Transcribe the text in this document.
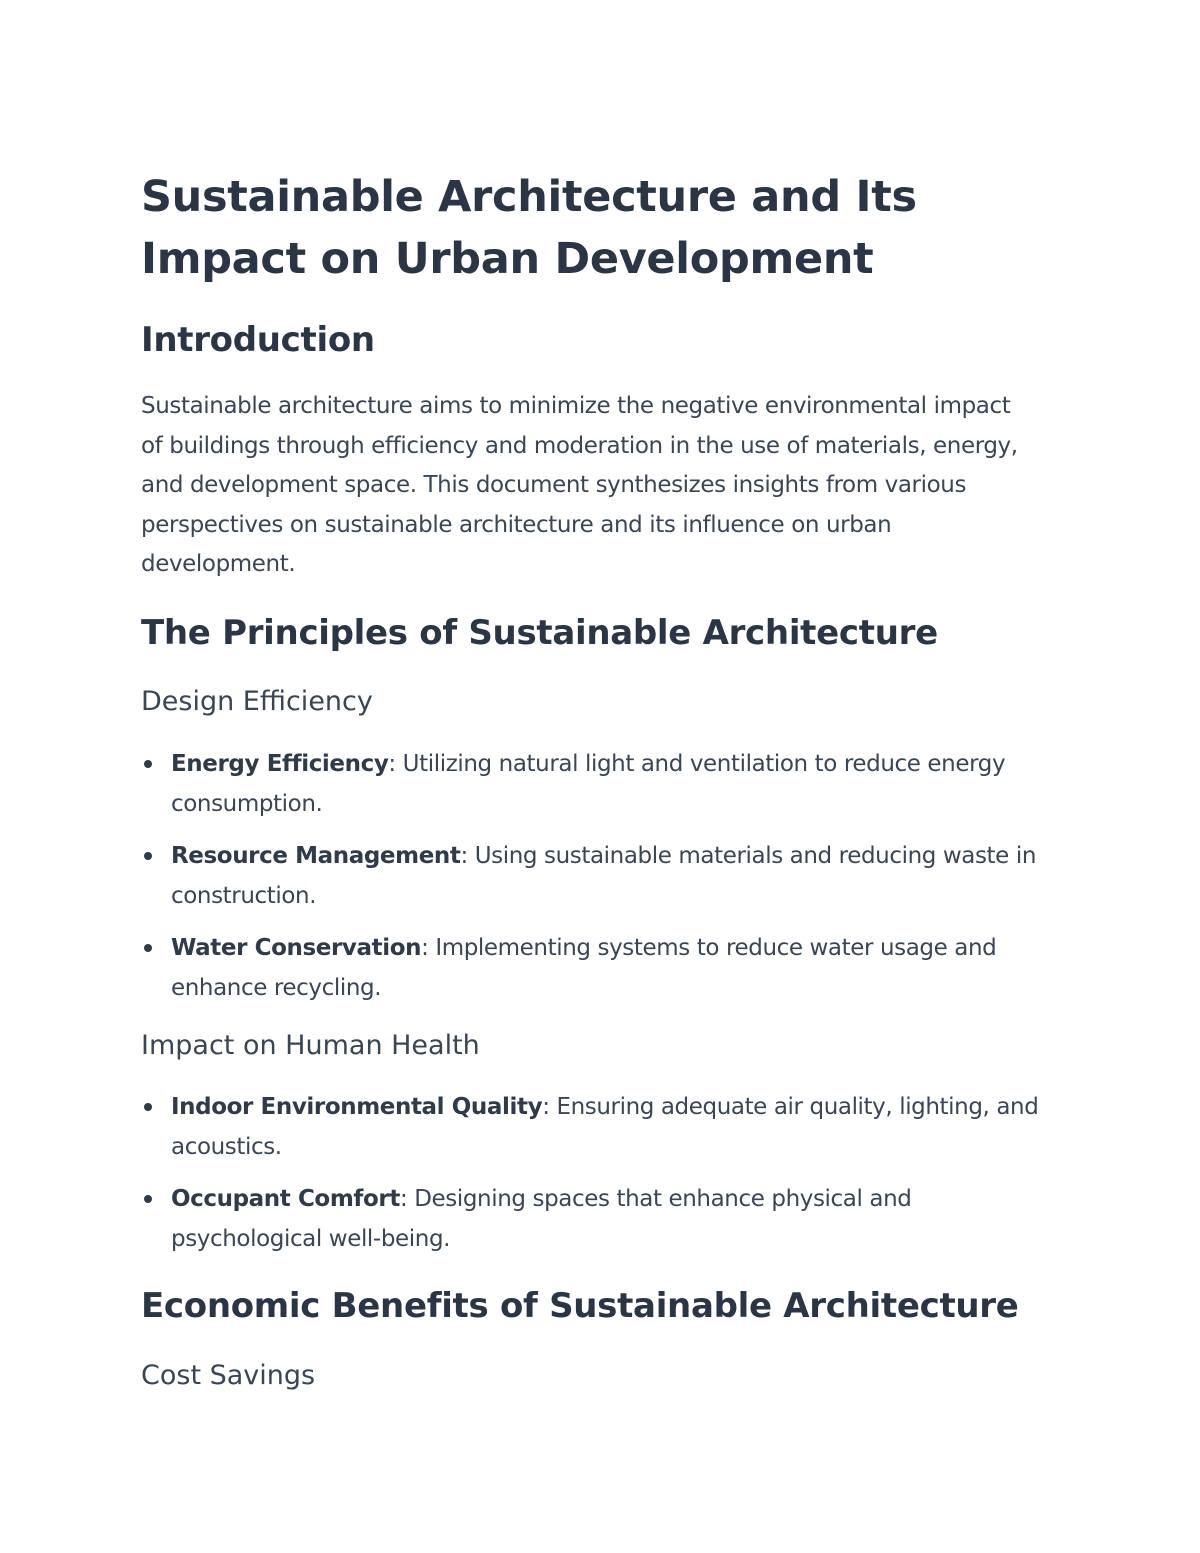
Sustainable Architecture and Its Impact on Urban Development
Introduction

Sustainable architecture aims to minimize the negative environmental impact of buildings through efficiency and moderation in the use of materials, energy, and development space. This document synthesizes insights from various perspectives on sustainable architecture and its influence on urban development.

The Principles of Sustainable Architecture
Design Efficiency
Energy Efficiency: Utilizing natural light and ventilation to reduce energy consumption.
Resource Management: Using sustainable materials and reducing waste in construction.
Water Conservation: Implementing systems to reduce water usage and enhance recycling.
Impact on Human Health
Indoor Environmental Quality: Ensuring adequate air quality, lighting, and acoustics.
Occupant Comfort: Designing spaces that enhance physical and psychological well-being.
Economic Benefits of Sustainable Architecture
Cost Savings
